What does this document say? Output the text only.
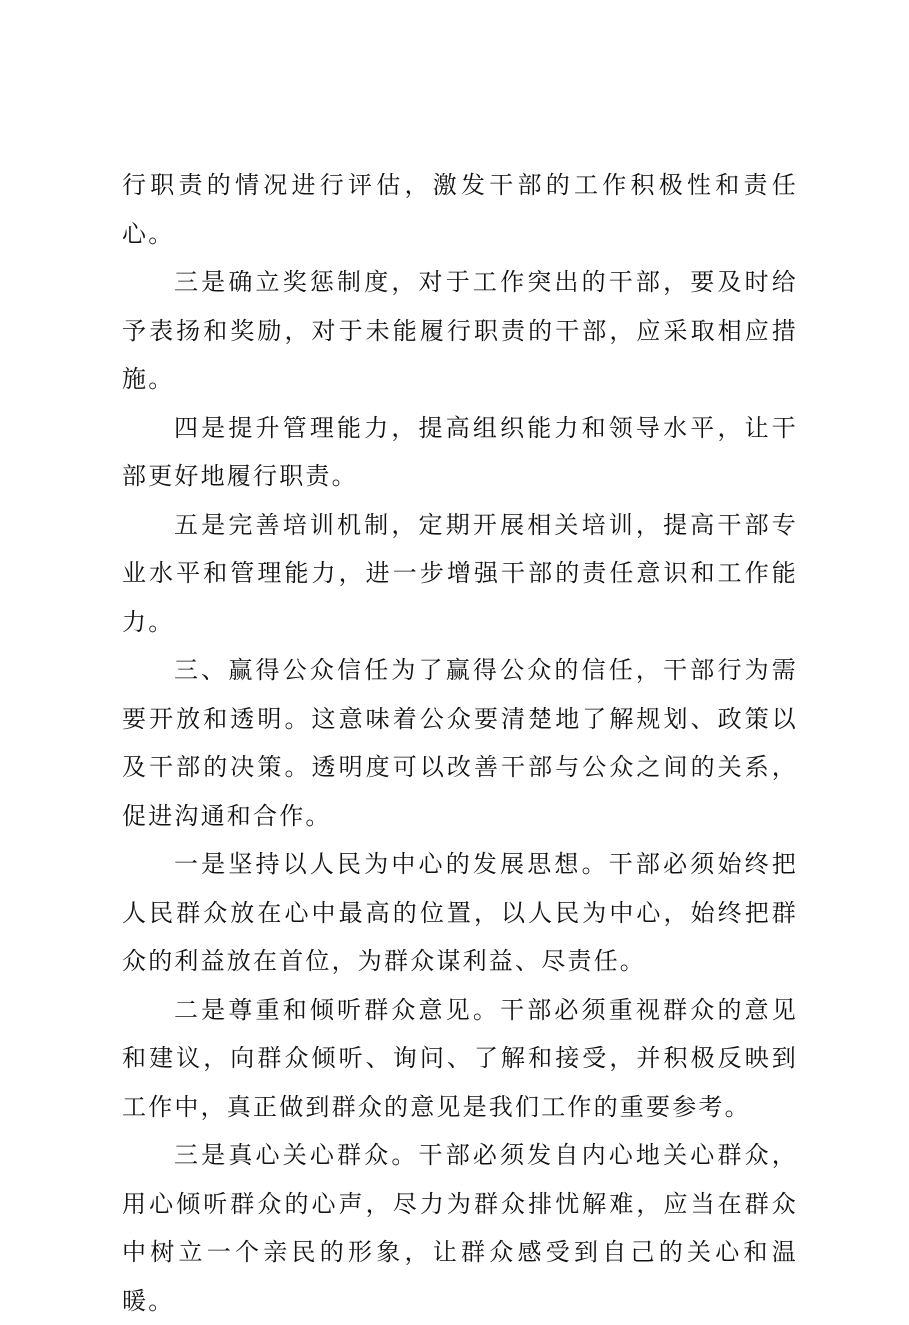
行职责的情况进行评估，激发干部的工作积极性和责任心。

三是确立奖惩制度，对于工作突出的干部，要及时给予表扬和奖励，对于未能履行职责的干部，应采取相应措施。

四是提升管理能力，提高组织能力和领导水平，让干部更好地履行职责。

五是完善培训机制，定期开展相关培训，提高干部专业水平和管理能力，进一步增强干部的责任意识和工作能力。

三、赢得公众信任为了赢得公众的信任，干部行为需要开放和透明。这意味着公众要清楚地了解规划、政策以及干部的决策。透明度可以改善干部与公众之间的关系，促进沟通和合作。

一是坚持以人民为中心的发展思想。干部必须始终把人民群众放在心中最高的位置，以人民为中心，始终把群众的利益放在首位，为群众谋利益、尽责任。

二是尊重和倾听群众意见。干部必须重视群众的意见和建议，向群众倾听、询问、了解和接受，并积极反映到工作中，真正做到群众的意见是我们工作的重要参考。

三是真心关心群众。干部必须发自内心地关心群众，用心倾听群众的心声，尽力为群众排忧解难，应当在群众中树立一个亲民的形象，让群众感受到自己的关心和温暖。
